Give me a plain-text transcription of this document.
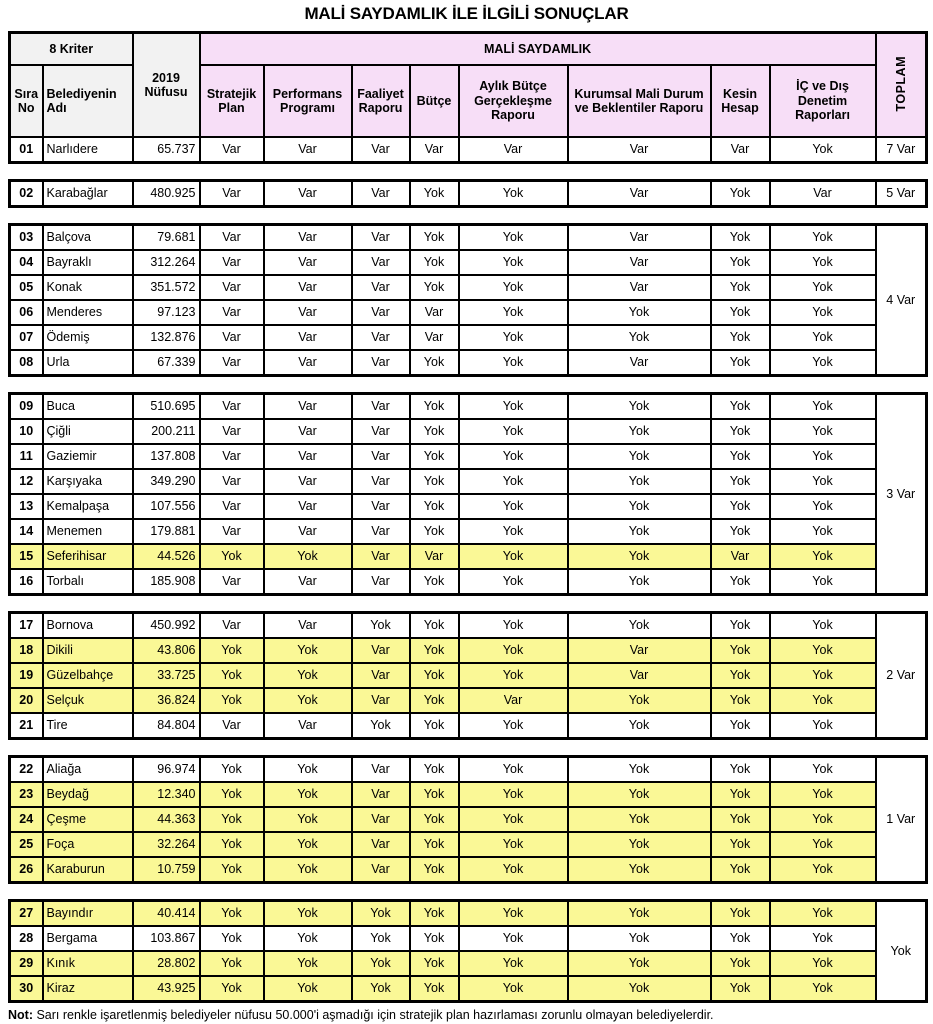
MALİ SAYDAMLIK İLE İLGİLİ SONUÇLAR
8 Kriter		2019 Nüfusu	MALİ SAYDAMLIK								TOPLAM
Sıra No	Belediyenin Adı		Stratejik Plan	Performans Programı	Faaliyet Raporu	Bütçe	Aylık Bütçe Gerçekleşme Raporu	Kurumsal Mali Durum ve Beklentiler Raporu	Kesin Hesap	İÇ ve Dış Denetim Raporları	
01	Narlıdere	65.737	Var	Var	Var	Var	Var	Var	Var	Yok	7 Var
02	Karabağlar	480.925	Var	Var	Var	Yok	Yok	Var	Yok	Var	5 Var
03	Balçova	79.681	Var	Var	Var	Yok	Yok	Var	Yok	Yok	4 Var
04	Bayraklı	312.264	Var	Var	Var	Yok	Yok	Var	Yok	Yok	
05	Konak	351.572	Var	Var	Var	Yok	Yok	Var	Yok	Yok	
06	Menderes	97.123	Var	Var	Var	Var	Yok	Yok	Yok	Yok	
07	Ödemiş	132.876	Var	Var	Var	Var	Yok	Yok	Yok	Yok	
08	Urla	67.339	Var	Var	Var	Yok	Yok	Var	Yok	Yok	
09	Buca	510.695	Var	Var	Var	Yok	Yok	Yok	Yok	Yok	3 Var
10	Çiğli	200.211	Var	Var	Var	Yok	Yok	Yok	Yok	Yok	
11	Gaziemir	137.808	Var	Var	Var	Yok	Yok	Yok	Yok	Yok	
12	Karşıyaka	349.290	Var	Var	Var	Yok	Yok	Yok	Yok	Yok	
13	Kemalpaşa	107.556	Var	Var	Var	Yok	Yok	Yok	Yok	Yok	
14	Menemen	179.881	Var	Var	Var	Yok	Yok	Yok	Yok	Yok	
15	Seferihisar	44.526	Yok	Yok	Var	Var	Yok	Yok	Var	Yok	
16	Torbalı	185.908	Var	Var	Var	Yok	Yok	Yok	Yok	Yok	
17	Bornova	450.992	Var	Var	Yok	Yok	Yok	Yok	Yok	Yok	2 Var
18	Dikili	43.806	Yok	Yok	Var	Yok	Yok	Var	Yok	Yok	
19	Güzelbahçe	33.725	Yok	Yok	Var	Yok	Yok	Var	Yok	Yok	
20	Selçuk	36.824	Yok	Yok	Var	Yok	Var	Yok	Yok	Yok	
21	Tire	84.804	Var	Var	Yok	Yok	Yok	Yok	Yok	Yok	
22	Aliağa	96.974	Yok	Yok	Var	Yok	Yok	Yok	Yok	Yok	1 Var
23	Beydağ	12.340	Yok	Yok	Var	Yok	Yok	Yok	Yok	Yok	
24	Çeşme	44.363	Yok	Yok	Var	Yok	Yok	Yok	Yok	Yok	
25	Foça	32.264	Yok	Yok	Var	Yok	Yok	Yok	Yok	Yok	
26	Karaburun	10.759	Yok	Yok	Var	Yok	Yok	Yok	Yok	Yok	
27	Bayındır	40.414	Yok	Yok	Yok	Yok	Yok	Yok	Yok	Yok	Yok
28	Bergama	103.867	Yok	Yok	Yok	Yok	Yok	Yok	Yok	Yok	
29	Kınık	28.802	Yok	Yok	Yok	Yok	Yok	Yok	Yok	Yok	
30	Kiraz	43.925	Yok	Yok	Yok	Yok	Yok	Yok	Yok	Yok	

Not: Sarı renkle işaretlenmiş belediyeler nüfusu 50.000'i aşmadığı için stratejik plan hazırlaması zorunlu olmayan belediyelerdir.
